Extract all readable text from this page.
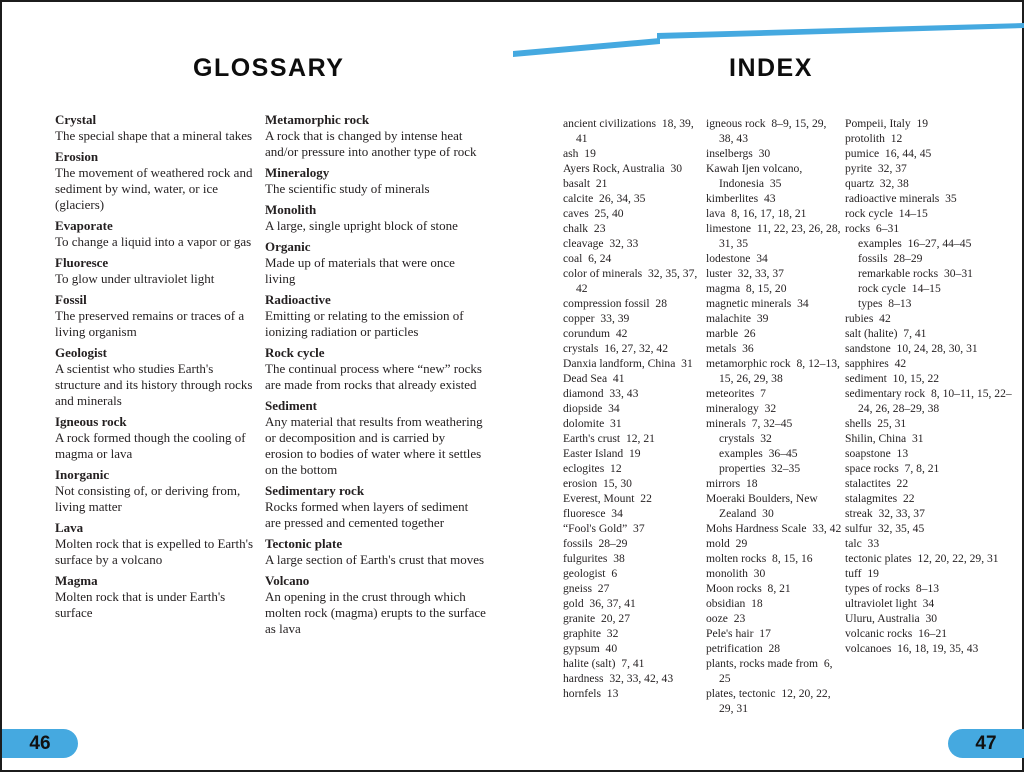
GLOSSARY
Crystal
The special shape that a mineral takes
Erosion
The movement of weathered rock and sediment by wind, water, or ice (glaciers)
Evaporate
To change a liquid into a vapor or gas
Fluoresce
To glow under ultraviolet light
Fossil
The preserved remains or traces of a living organism
Geologist
A scientist who studies Earth's structure and its history through rocks and minerals
Igneous rock
A rock formed though the cooling of magma or lava
Inorganic
Not consisting of, or deriving from, living matter
Lava
Molten rock that is expelled to Earth's surface by a volcano
Magma
Molten rock that is under Earth's surface
Metamorphic rock
A rock that is changed by intense heat and/or pressure into another type of rock
Mineralogy
The scientific study of minerals
Monolith
A large, single upright block of stone
Organic
Made up of materials that were once living
Radioactive
Emitting or relating to the emission of ionizing radiation or particles
Rock cycle
The continual process where “new” rocks are made from rocks that already existed
Sediment
Any material that results from weathering or decomposition and is carried by erosion to bodies of water where it settles on the bottom
Sedimentary rock
Rocks formed when layers of sediment are pressed and cemented together
Tectonic plate
A large section of Earth's crust that moves
Volcano
An opening in the crust through which molten rock (magma) erupts to the surface as lava
INDEX
ancient civilizations  18, 39, 41
ash  19
Ayers Rock, Australia  30
basalt  21
calcite  26, 34, 35
caves  25, 40
chalk  23
cleavage  32, 33
coal  6, 24
color of minerals  32, 35, 37, 42
compression fossil  28
copper  33, 39
corundum  42
crystals  16, 27, 32, 42
Danxia landform, China  31
Dead Sea  41
diamond  33, 43
diopside  34
dolomite  31
Earth's crust  12, 21
Easter Island  19
eclogites  12
erosion  15, 30
Everest, Mount  22
fluoresce  34
“Fool's Gold”  37
fossils  28–29
fulgurites  38
geologist  6
gneiss  27
gold  36, 37, 41
granite  20, 27
graphite  32
gypsum  40
halite (salt)  7, 41
hardness  32, 33, 42, 43
hornfels  13
igneous rock  8–9, 15, 29, 38, 43
inselbergs  30
Kawah Ijen volcano, Indonesia  35
kimberlites  43
lava  8, 16, 17, 18, 21
limestone  11, 22, 23, 26, 28, 31, 35
lodestone  34
luster  32, 33, 37
magma  8, 15, 20
magnetic minerals  34
malachite  39
marble  26
metals  36
metamorphic rock  8, 12–13, 15, 26, 29, 38
meteorites  7
mineralogy  32
minerals  7, 32–45
crystals  32
examples  36–45
properties  32–35
mirrors  18
Moeraki Boulders, New Zealand  30
Mohs Hardness Scale  33, 42
mold  29
molten rocks  8, 15, 16
monolith  30
Moon rocks  8, 21
obsidian  18
ooze  23
Pele's hair  17
petrification  28
plants, rocks made from  6, 25
plates, tectonic  12, 20, 22, 29, 31
Pompeii, Italy  19
protolith  12
pumice  16, 44, 45
pyrite  32, 37
quartz  32, 38
radioactive minerals  35
rock cycle  14–15
rocks  6–31
examples  16–27, 44–45
fossils  28–29
remarkable rocks  30–31
rock cycle  14–15
types  8–13
rubies  42
salt (halite)  7, 41
sandstone  10, 24, 28, 30, 31
sapphires  42
sediment  10, 15, 22
sedimentary rock  8, 10–11, 15, 22–24, 26, 28–29, 38
shells  25, 31
Shilin, China  31
soapstone  13
space rocks  7, 8, 21
stalactites  22
stalagmites  22
streak  32, 33, 37
sulfur  32, 35, 45
talc  33
tectonic plates  12, 20, 22, 29, 31
tuff  19
types of rocks  8–13
ultraviolet light  34
Uluru, Australia  30
volcanic rocks  16–21
volcanoes  16, 18, 19, 35, 43
46	47
